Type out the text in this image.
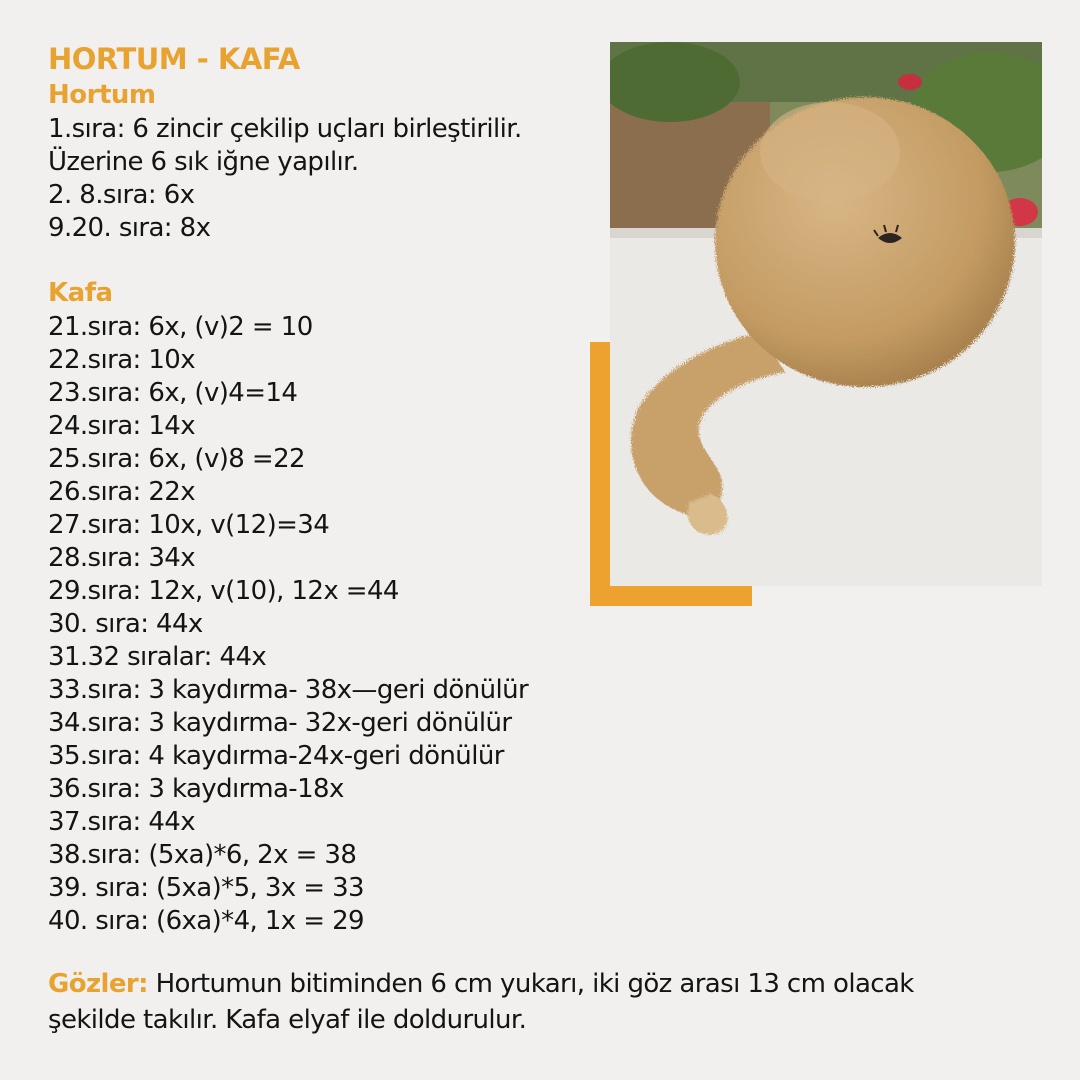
HORTUM - KAFA
Hortum
1.sıra: 6 zincir çekilip uçları birleştirilir.
Üzerine 6 sık iğne yapılır.
2. 8.sıra: 6x
9.20. sıra: 8x
Kafa
21.sıra: 6x, (v)2 = 10
22.sıra: 10x
23.sıra: 6x, (v)4=14
24.sıra: 14x
25.sıra: 6x, (v)8 =22
26.sıra: 22x
27.sıra: 10x, v(12)=34
28.sıra: 34x
29.sıra: 12x, v(10), 12x =44
30. sıra: 44x
31.32 sıralar: 44x
33.sıra: 3 kaydırma- 38x—geri dönülür
34.sıra: 3 kaydırma- 32x-geri dönülür
35.sıra: 4 kaydırma-24x-geri dönülür
36.sıra: 3 kaydırma-18x
37.sıra: 44x
38.sıra: (5xa)*6, 2x = 38
39. sıra: (5xa)*5, 3x = 33
40. sıra: (6xa)*4, 1x = 29
Gözler: Hortumun bitiminden 6 cm yukarı, iki göz arası 13 cm olacak şekilde takılır. Kafa elyaf ile doldurulur.
